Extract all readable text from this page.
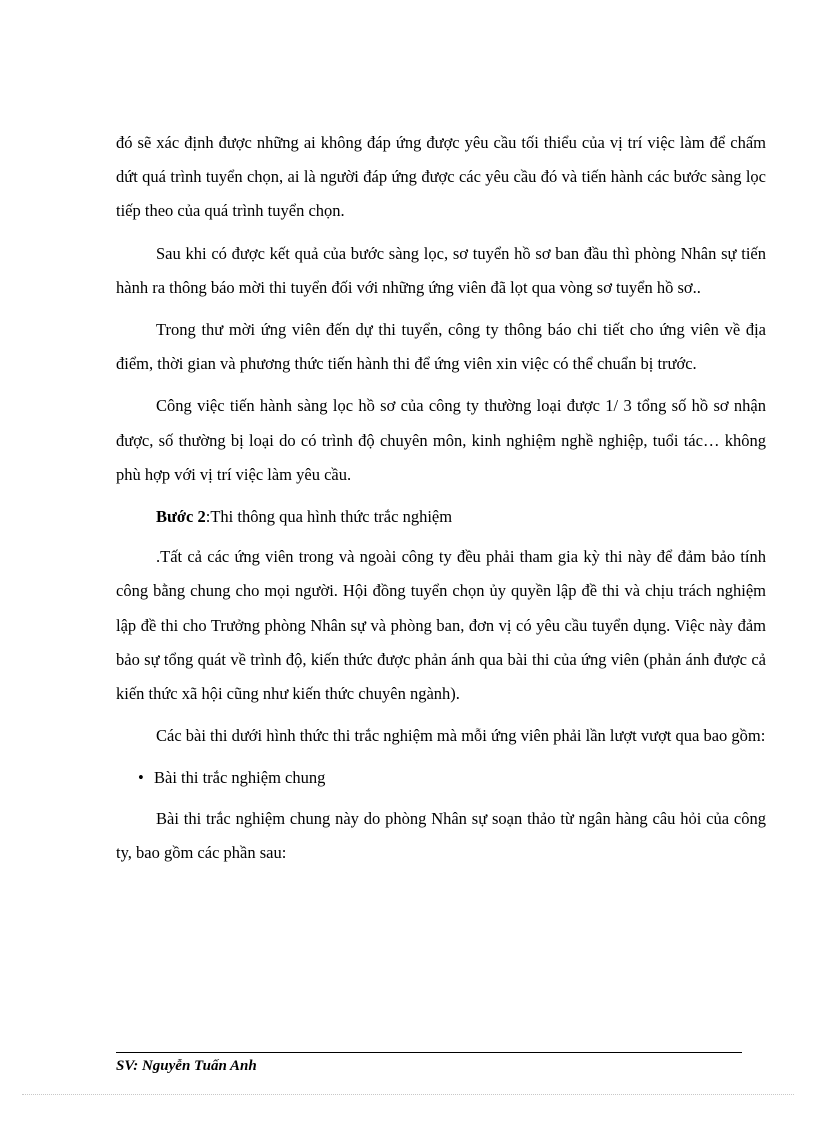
đó sẽ xác định được những ai không đáp ứng được yêu cầu tối thiểu của vị trí việc làm để chấm dứt quá trình tuyển chọn, ai là người đáp ứng được các yêu cầu đó và tiến hành các bước sàng lọc tiếp theo của quá trình tuyển chọn.

Sau khi có được kết quả của bước sàng lọc, sơ tuyển hồ sơ ban đầu thì phòng Nhân sự tiến hành ra thông báo mời thi tuyển đối với những ứng viên đã lọt qua vòng sơ tuyển hồ sơ..

Trong thư mời ứng viên đến dự thi tuyển, công ty thông báo chi tiết cho ứng viên về địa điểm, thời gian và phương thức tiến hành thi để ứng viên xin việc có thể chuẩn bị trước.

Công việc tiến hành sàng lọc hồ sơ của công ty thường loại được 1/ 3 tổng số hồ sơ nhận được, số thường bị loại do có trình độ chuyên môn, kinh nghiệm nghề nghiệp, tuổi tác… không phù hợp với vị trí việc làm yêu cầu.

Bước 2:Thi thông qua hình thức trắc nghiệm

.Tất cả các ứng viên trong và ngoài công ty đều phải tham gia kỳ thi này để đảm bảo tính công bằng chung cho mọi người. Hội đồng tuyển chọn ủy quyền lập đề thi và chịu trách nghiệm lập đề thi cho Trưởng phòng Nhân sự và phòng ban, đơn vị có yêu cầu tuyển dụng. Việc này đảm bảo sự tổng quát về trình độ, kiến thức được phản ánh qua bài thi của ứng viên (phản ánh được cả kiến thức xã hội cũng như kiến thức chuyên ngành).

Các bài thi dưới hình thức thi trắc nghiệm mà mỗi ứng viên phải lần lượt vượt qua bao gồm:

• Bài thi trắc nghiệm chung

Bài thi trắc nghiệm chung này do phòng Nhân sự soạn thảo từ ngân hàng câu hỏi của công ty, bao gồm các phần sau:

SV: Nguyễn Tuấn Anh
